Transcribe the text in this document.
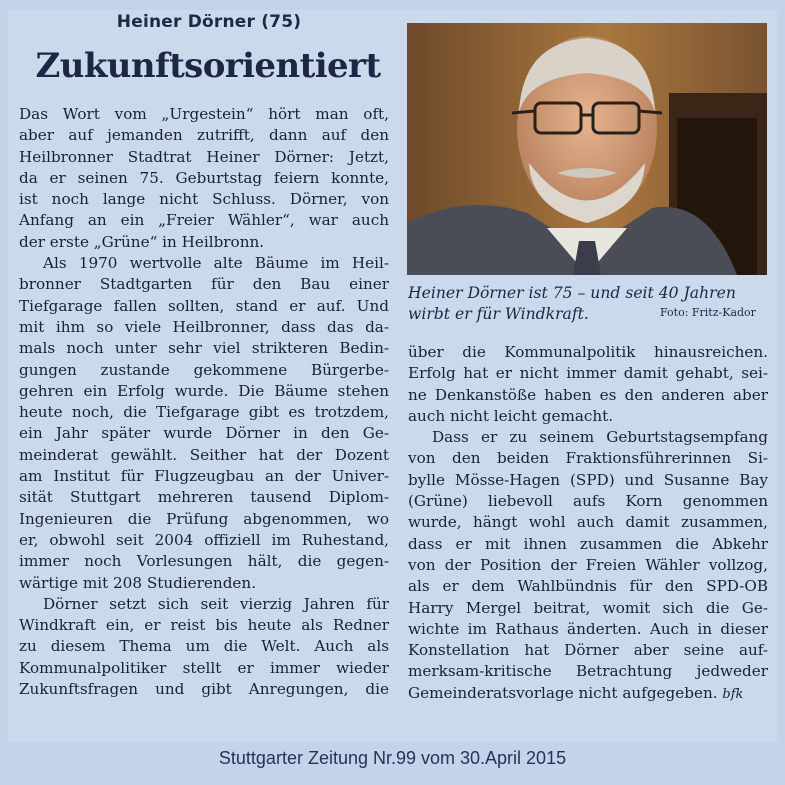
Heiner Dörner (75)
Zukunftsorientiert
Das Wort vom „Urgestein“ hört man oft,
aber auf jemanden zutrifft, dann auf den
Heilbronner Stadtrat Heiner Dörner: Jetzt,
da er seinen 75. Geburtstag feiern konnte,
ist noch lange nicht Schluss. Dörner, von
Anfang an ein „Freier Wähler“, war auch
der erste „Grüne“ in Heilbronn.
Als 1970 wertvolle alte Bäume im Heil-
bronner Stadtgarten für den Bau einer
Tiefgarage fallen sollten, stand er auf. Und
mit ihm so viele Heilbronner, dass das da-
mals noch unter sehr viel strikteren Bedin-
gungen zustande gekommene Bürgerbe-
gehren ein Erfolg wurde. Die Bäume stehen
heute noch, die Tiefgarage gibt es trotzdem,
ein Jahr später wurde Dörner in den Ge-
meinderat gewählt. Seither hat der Dozent
am Institut für Flugzeugbau an der Univer-
sität Stuttgart mehreren tausend Diplom-
Ingenieuren die Prüfung abgenommen, wo
er, obwohl seit 2004 offiziell im Ruhestand,
immer noch Vorlesungen hält, die gegen-
wärtige mit 208 Studierenden.
Dörner setzt sich seit vierzig Jahren für
Windkraft ein, er reist bis heute als Redner
zu diesem Thema um die Welt. Auch als
Kommunalpolitiker stellt er immer wieder
Zukunftsfragen und gibt Anregungen, die
Heiner Dörner ist 75 – und seit 40 Jahren
wirbt er für Windkraft.	Foto: Fritz-Kador
über die Kommunalpolitik hinausreichen.
Erfolg hat er nicht immer damit gehabt, sei-
ne Denkanstöße haben es den anderen aber
auch nicht leicht gemacht.
Dass er zu seinem Geburtstagsempfang
von den beiden Fraktionsführerinnen Si-
bylle Mösse-Hagen (SPD) und Susanne Bay
(Grüne) liebevoll aufs Korn genommen
wurde, hängt wohl auch damit zusammen,
dass er mit ihnen zusammen die Abkehr
von der Position der Freien Wähler vollzog,
als er dem Wahlbündnis für den SPD-OB
Harry Mergel beitrat, womit sich die Ge-
wichte im Rathaus änderten. Auch in dieser
Konstellation hat Dörner aber seine auf-
merksam-kritische Betrachtung jedweder
Gemeinderatsvorlage nicht aufgegeben. bfk
Stuttgarter Zeitung Nr.99 vom 30.April 2015
